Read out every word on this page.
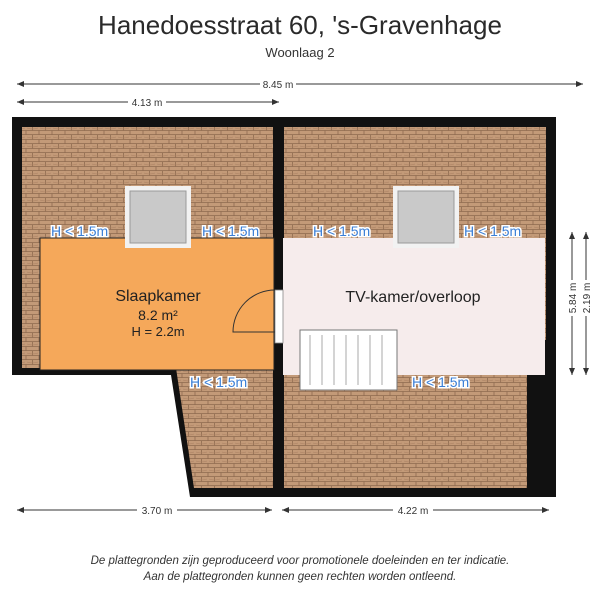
Hanedoesstraat 60, 's-Gravenhage
Woonlaag 2
H < 1.5m	H < 1.5m	H < 1.5m	H < 1.5m
H < 1.5m	H < 1.5m
Slaapkamer
8.2 m²
H = 2.2m
TV-kamer/overloop
8.45 m
4.13 m
3.70 m	4.22 m
5.84 m 2.19 m
De plattegronden zijn geproduceerd voor promotionele doeleinden en ter indicatie.
Aan de plattegronden kunnen geen rechten worden ontleend.
